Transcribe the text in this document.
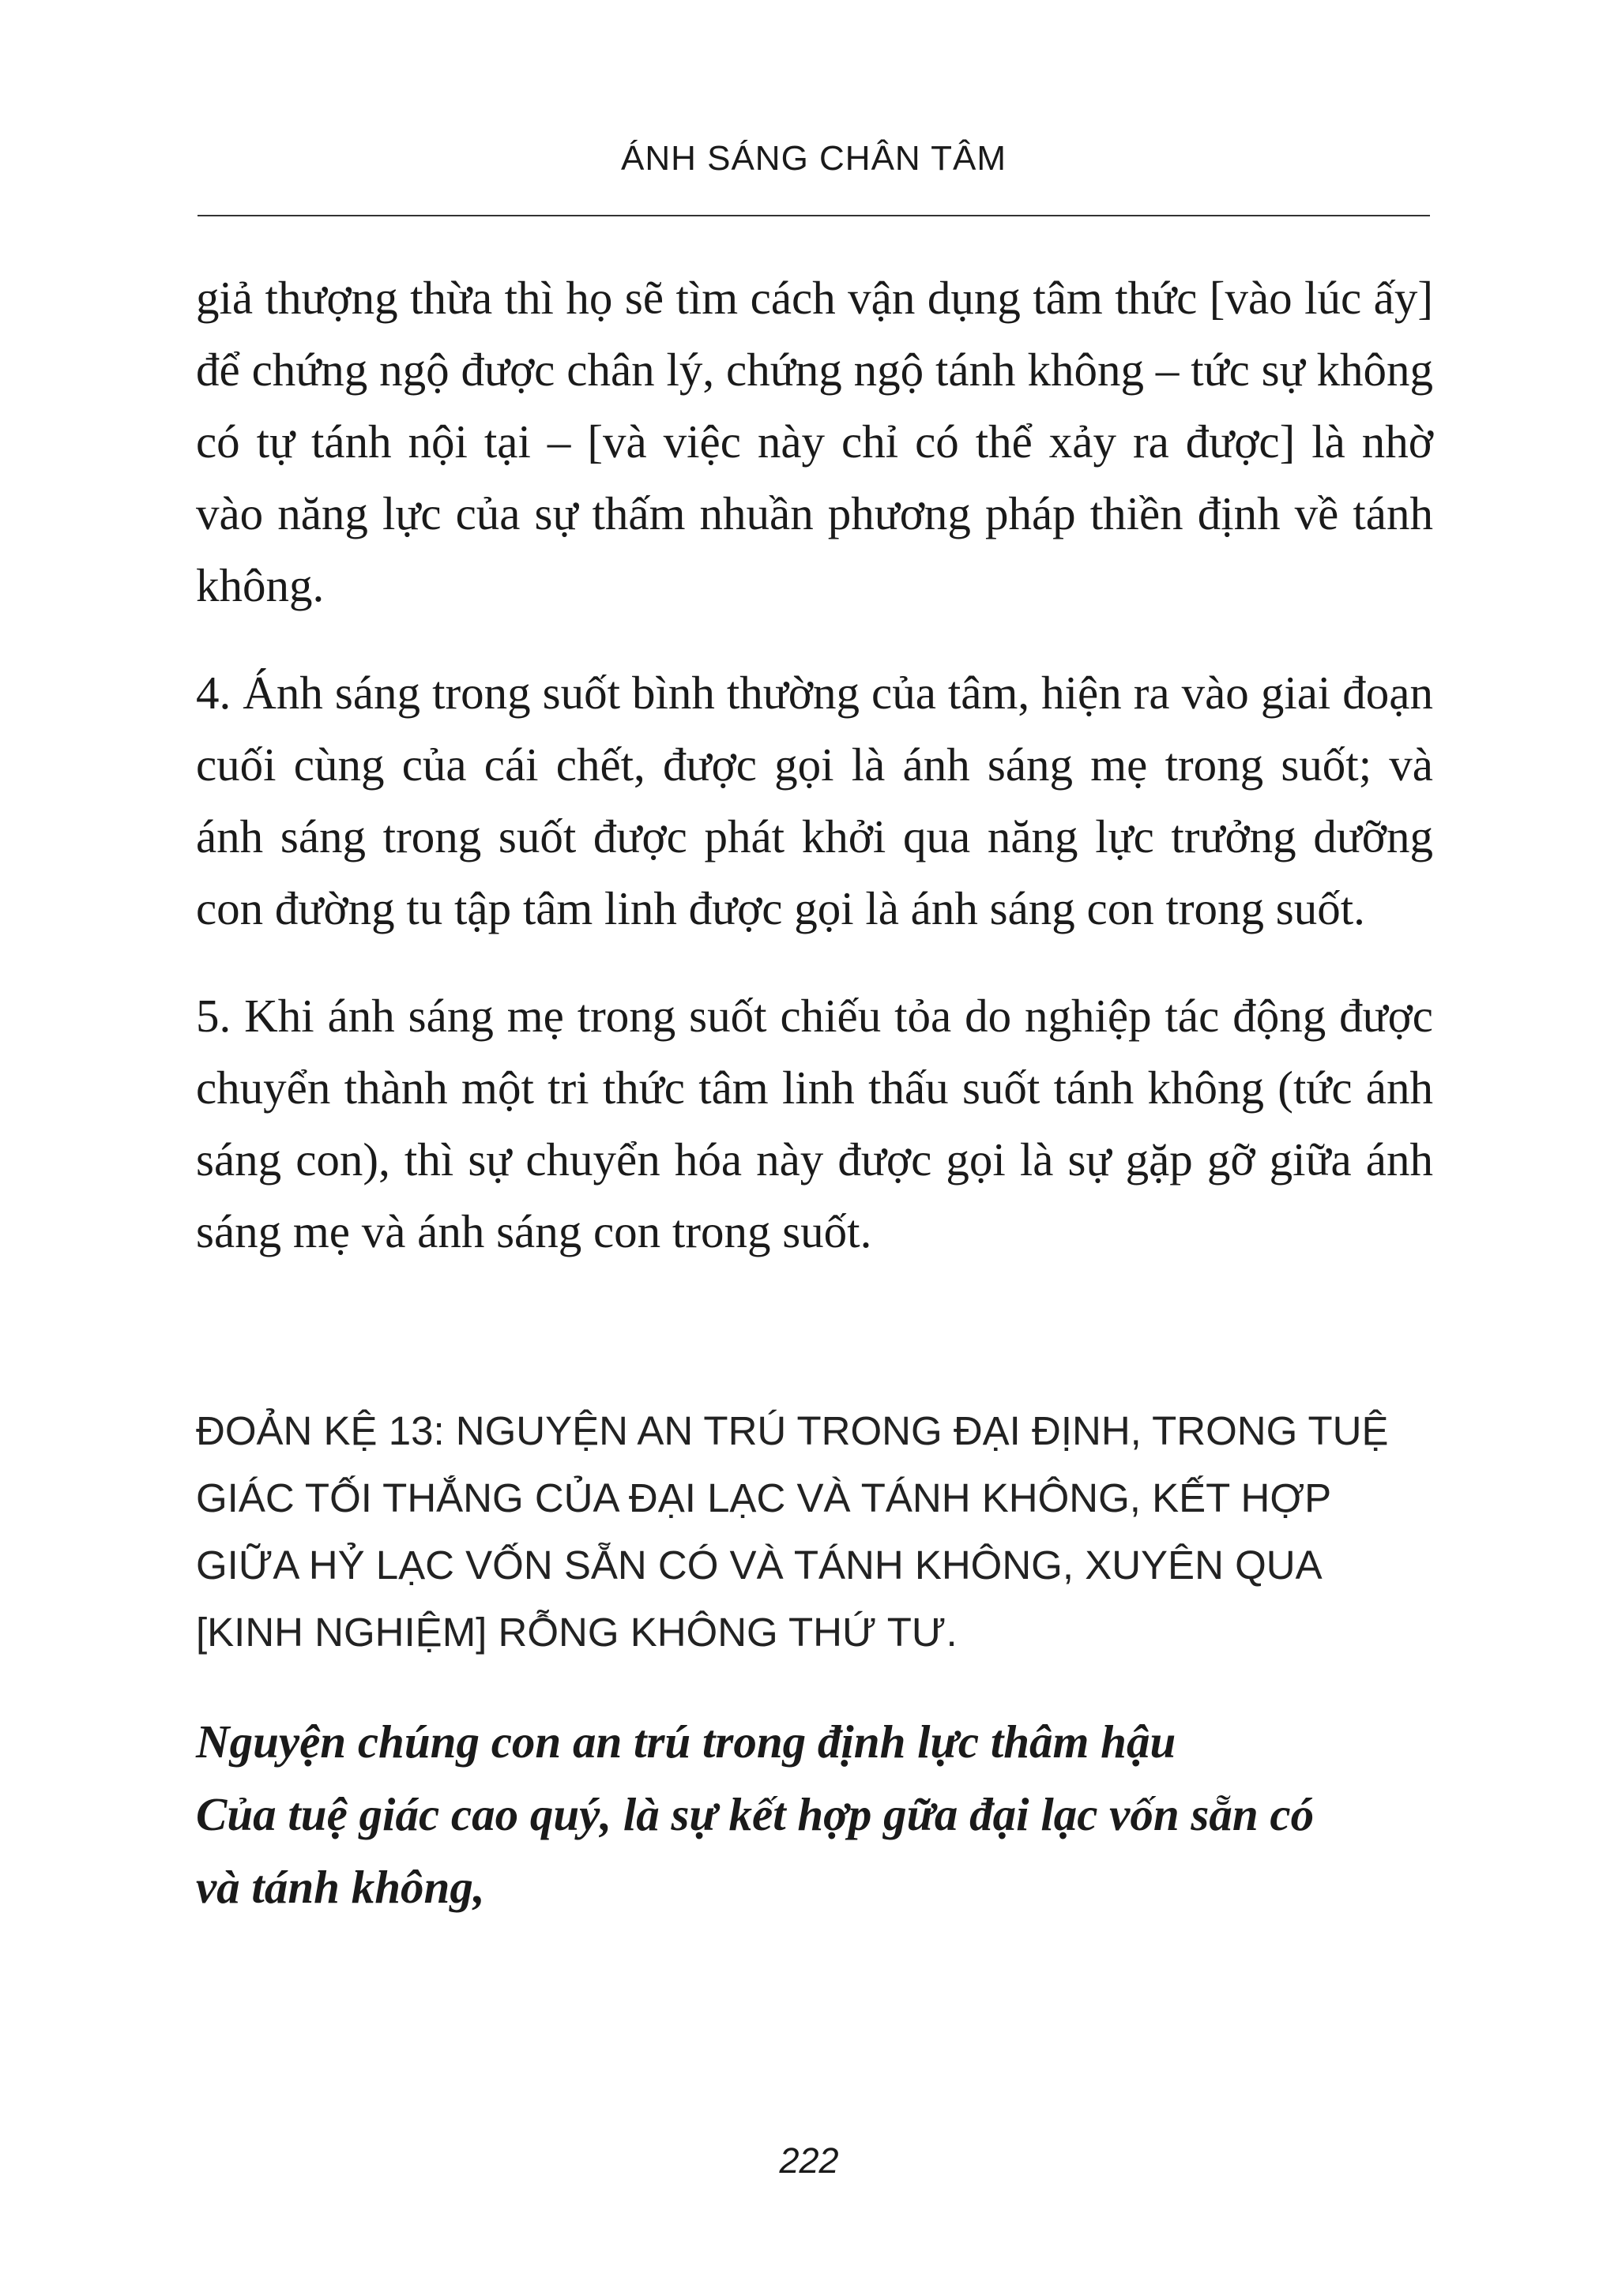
ÁNH SÁNG CHÂN TÂM

giả thượng thừa thì họ sẽ tìm cách vận dụng tâm thức [vào lúc ấy] để chứng ngộ được chân lý, chứng ngộ tánh không – tức sự không có tự tánh nội tại – [và việc này chỉ có thể xảy ra được] là nhờ vào năng lực của sự thấm nhuần phương pháp thiền định về tánh không.

4. Ánh sáng trong suốt bình thường của tâm, hiện ra vào giai đoạn cuối cùng của cái chết, được gọi là ánh sáng mẹ trong suốt; và ánh sáng trong suốt được phát khởi qua năng lực trưởng dưỡng con đường tu tập tâm linh được gọi là ánh sáng con trong suốt.

5. Khi ánh sáng mẹ trong suốt chiếu tỏa do nghiệp tác động được chuyển thành một tri thức tâm linh thấu suốt tánh không (tức ánh sáng con), thì sự chuyển hóa này được gọi là sự gặp gỡ giữa ánh sáng mẹ và ánh sáng con trong suốt.

ĐOẢN KỆ 13: NGUYỆN AN TRÚ TRONG ĐẠI ĐỊNH, TRONG TUỆ GIÁC TỐI THẮNG CỦA ĐẠI LẠC VÀ TÁNH KHÔNG, KẾT HỢP GIỮA HỶ LẠC VỐN SẴN CÓ VÀ TÁNH KHÔNG, XUYÊN QUA [KINH NGHIỆM] RỖNG KHÔNG THỨ TƯ.

Nguyện chúng con an trú trong định lực thâm hậu
Của tuệ giác cao quý, là sự kết hợp gữa đại lạc vốn sẵn có
và tánh không,

222
